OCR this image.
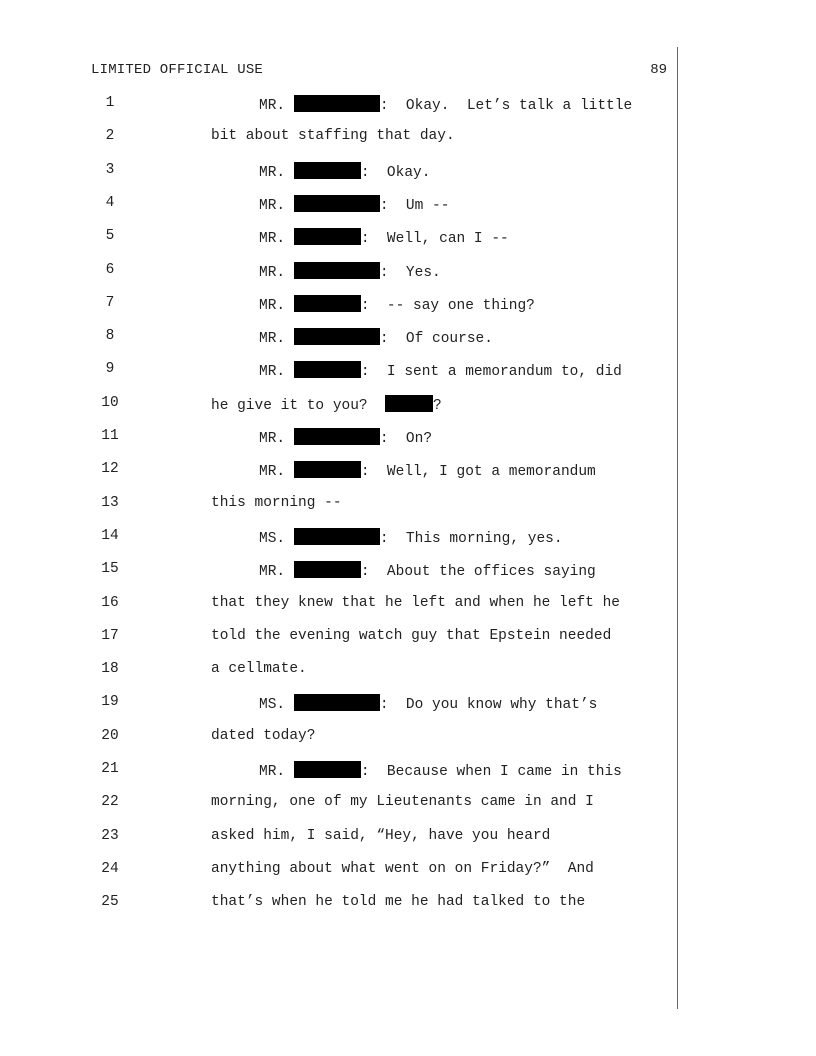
LIMITED OFFICIAL USE	89
1	MR.	:  Okay.  Let’s talk a little
2	bit about staffing that day.
3	MR.	:  Okay.
4	MR.	:  Um --
5	MR.	:  Well, can I --
6	MR.	:  Yes.
7	MR.	:  -- say one thing?
8	MR.	:  Of course.
9	MR.	:  I sent a memorandum to, did
10	he give it to you?	?
11	MR.	:  On?
12	MR.	:  Well, I got a memorandum
13	this morning --
14	MS.	:  This morning, yes.
15	MR.	:  About the offices saying
16	that they knew that he left and when he left he
17	told the evening watch guy that Epstein needed
18	a cellmate.
19	MS.	:  Do you know why that’s
20	dated today?
21	MR.	:  Because when I came in this
22	morning, one of my Lieutenants came in and I
23	asked him, I said, “Hey, have you heard
24	anything about what went on on Friday?”  And
25	that’s when he told me he had talked to the
